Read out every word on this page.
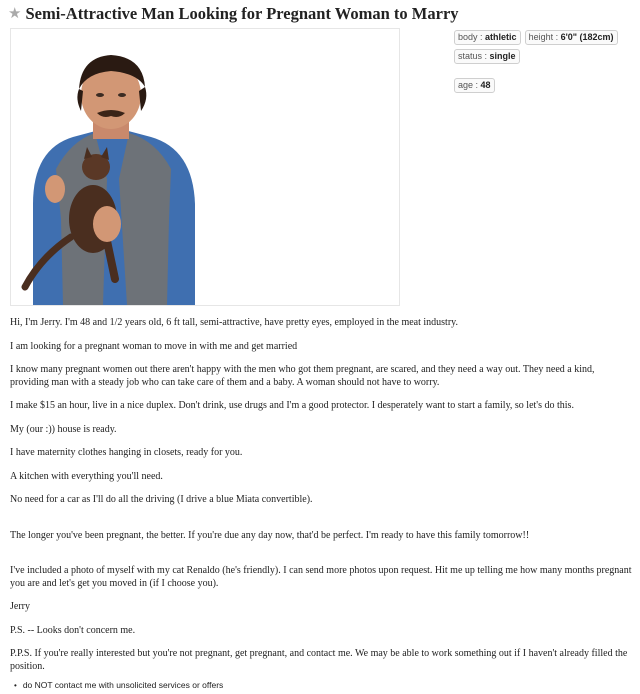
★ Semi-Attractive Man Looking for Pregnant Woman to Marry
body : athletic	height : 6'0" (182cm)
status : single
age : 48

Hi, I'm Jerry. I'm 48 and 1/2 years old, 6 ft tall, semi-attractive, have pretty eyes, employed in the meat industry.

I am looking for a pregnant woman to move in with me and get married

I know many pregnant women out there aren't happy with the men who got them pregnant, are scared, and they need a way out. They need a kind, providing man with a steady job who can take care of them and a baby. A woman should not have to worry.

I make $15 an hour, live in a nice duplex. Don't drink, use drugs and I'm a good protector. I desperately want to start a family, so let's do this.

My (our :)) house is ready.

I have maternity clothes hanging in closets, ready for you.

A kitchen with everything you'll need.

No need for a car as I'll do all the driving (I drive a blue Miata convertible).

The longer you've been pregnant, the better. If you're due any day now, that'd be perfect. I'm ready to have this family tomorrow!!

I've included a photo of myself with my cat Renaldo (he's friendly). I can send more photos upon request. Hit me up telling me how many months pregnant you are and let's get you moved in (if I choose you).

Jerry

P.S. -- Looks don't concern me.

P.P.S. If you're really interested but you're not pregnant, get pregnant, and contact me. We may be able to work something out if I haven't already filled the position.

• do NOT contact me with unsolicited services or offers
